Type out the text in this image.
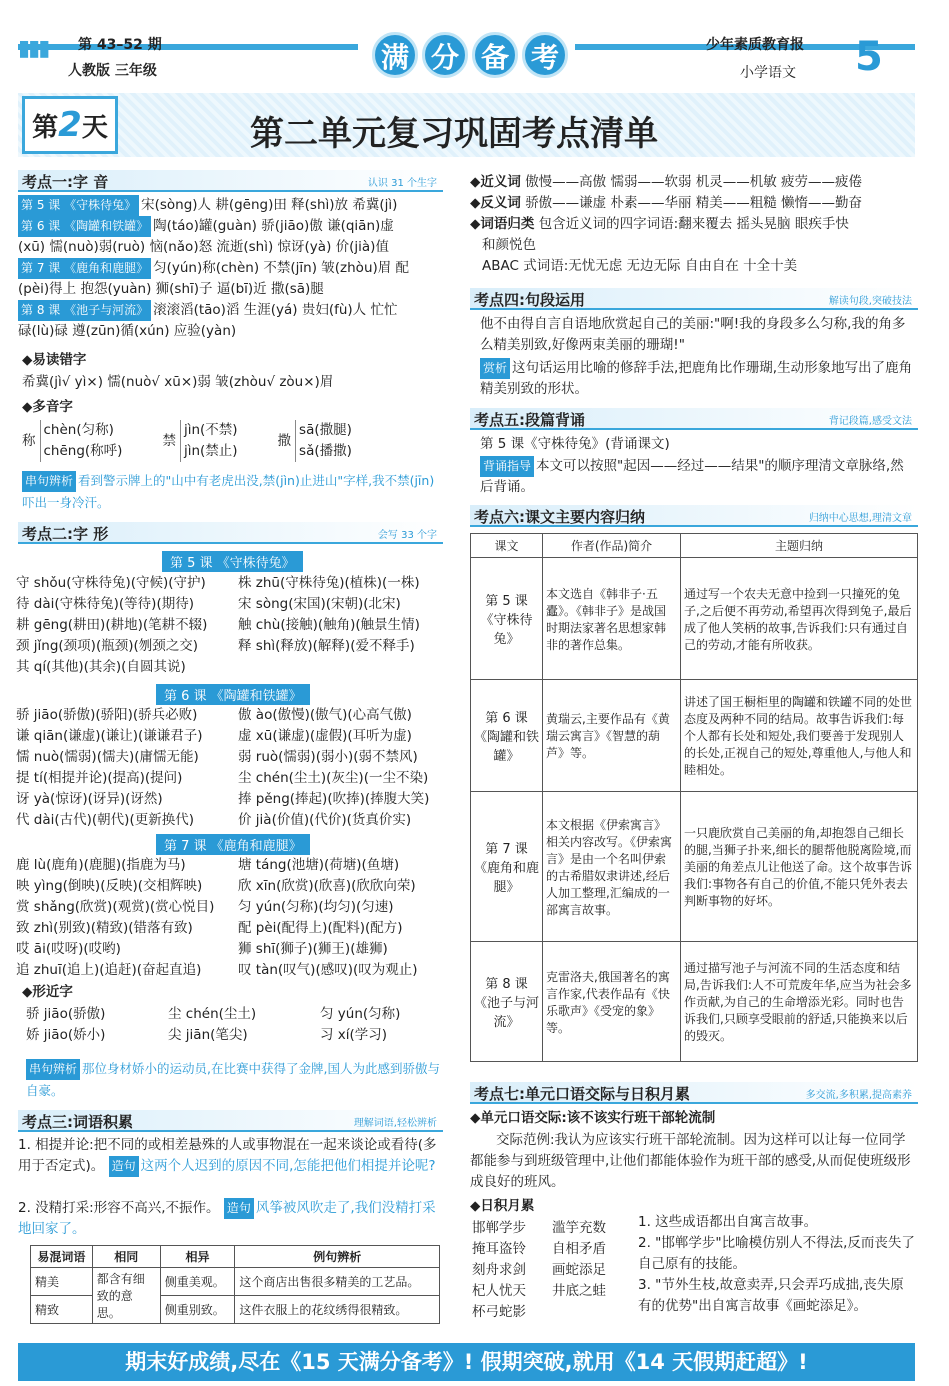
第 43–52 期
人教版 三年级	满 分 备 考	少年素质教育报
小学语文 5
第2天	第二单元复习巩固考点清单
考点一:字 音	认识 31 个生字
第 5 课 《守株待兔》 宋(sòng)人 耕(gēng)田 释(shì)放 希冀(jì)
第 6 课 《陶罐和铁罐》 陶(táo)罐(guàn) 骄(jiāo)傲 谦(qiān)虚
(xū) 懦(nuò)弱(ruò) 恼(nǎo)怒 流逝(shì) 惊讶(yà) 价(jià)值
第 7 课 《鹿角和鹿腿》 匀(yún)称(chèn) 不禁(jīn) 皱(zhòu)眉 配
(pèi)得上 抱怨(yuàn) 狮(shī)子 逼(bī)近 撒(sā)腿
第 8 课 《池子与河流》 滚滚滔(tāo)滔 生涯(yá) 贵妇(fù)人 忙忙
碌(lù)碌 遵(zūn)循(xún) 应验(yàn)
◆易读错字
希冀(jì√ yì×) 懦(nuò√ xū×)弱 皱(zhòu√ zòu×)眉
◆多音字
称
chèn(匀称)
chēng(称呼)
禁
jìn(不禁)
jìn(禁止)
撒
sā(撒腿)
sǎ(播撒)
串句辨析 看到警示牌上的"山中有老虎出没,禁(jìn)止进山"字样,我不禁(jīn)吓出一身冷汗。
考点二:字 形	会写 33 个字
第 5 课 《守株待兔》
守 shǒu(守株待兔)(守候)(守护)
待 dài(守株待兔)(等待)(期待)
耕 gēng(耕田)(耕地)(笔耕不辍)
颈 jǐng(颈项)(瓶颈)(刎颈之交)
其 qí(其他)(其余)(自圆其说)
株 zhū(守株待兔)(植株)(一株)
宋 sòng(宋国)(宋朝)(北宋)
触 chù(接触)(触角)(触景生情)
释 shì(释放)(解释)(爱不释手)
第 6 课 《陶罐和铁罐》
骄 jiāo(骄傲)(骄阳)(骄兵必败)
谦 qiān(谦虚)(谦让)(谦谦君子)
懦 nuò(懦弱)(懦夫)(庸懦无能)
提 tí(相提并论)(提高)(提问)
讶 yà(惊讶)(讶异)(讶然)
代 dài(古代)(朝代)(更新换代)
傲 ào(傲慢)(傲气)(心高气傲)
虚 xū(谦虚)(虚假)(耳听为虚)
弱 ruò(懦弱)(弱小)(弱不禁风)
尘 chén(尘土)(灰尘)(一尘不染)
捧 pěng(捧起)(吹捧)(捧腹大笑)
价 jià(价值)(代价)(货真价实)
第 7 课 《鹿角和鹿腿》
鹿 lù(鹿角)(鹿腿)(指鹿为马)
映 yìng(倒映)(反映)(交相辉映)
赏 shǎng(欣赏)(观赏)(赏心悦目)
致 zhì(别致)(精致)(错落有致)
哎 āi(哎呀)(哎哟)
追 zhuī(追上)(追赶)(奋起直追)
塘 táng(池塘)(荷塘)(鱼塘)
欣 xīn(欣赏)(欣喜)(欣欣向荣)
匀 yún(匀称)(均匀)(匀速)
配 pèi(配得上)(配料)(配方)
狮 shī(狮子)(狮王)(雄狮)
叹 tàn(叹气)(感叹)(叹为观止)
◆形近字
骄 jiāo(骄傲)
娇 jiāo(娇小)
尘 chén(尘土)
尖 jiān(笔尖)
匀 yún(匀称)
习 xí(学习)
串句辨析 那位身材娇小的运动员,在比赛中获得了金牌,国人为此感到骄傲与自豪。
考点三:词语积累	理解词语,轻松辨析
1. 相提并论:把不同的或相差悬殊的人或事物混在一起来谈论或看待(多用于否定式)。 造句 这两个人迟到的原因不同,怎能把他们相提并论呢?
2. 没精打采:形容不高兴,不振作。 造句 风筝被风吹走了,我们没精打采地回家了。
易混词语	相同	相异	例句辨析
精美	都含有细致的意思。	侧重美观。	这个商店出售很多精美的工艺品。
精致		侧重别致。	这件衣服上的花纹绣得很精致。
◆近义词 傲慢——高傲 懦弱——软弱 机灵——机敏 疲劳——疲倦
◆反义词 骄傲——谦虚 朴素——华丽 精美——粗糙 懒惰——勤奋
◆词语归类 包含近义词的四字词语:翻来覆去 摇头晃脑 眼疾手快
和颜悦色
ABAC 式词语:无忧无虑 无边无际 自由自在 十全十美
考点四:句段运用	解读句段,突破技法
他不由得自言自语地欣赏起自己的美丽:"啊!我的身段多么匀称,我的角多么精美别致,好像两束美丽的珊瑚!"
赏析 这句话运用比喻的修辞手法,把鹿角比作珊瑚,生动形象地写出了鹿角精美别致的形状。
考点五:段篇背诵	背记段篇,感受文法
第 5 课《守株待兔》(背诵课文)
背诵指导 本文可以按照"起因——经过——结果"的顺序理清文章脉络,然后背诵。
考点六:课文主要内容归纳	归纳中心思想,理清文章
课文	作者(作品)简介	主题归纳
第 5 课《守株待兔》	本文选自《韩非子·五蠹》。《韩非子》是战国时期法家著名思想家韩非的著作总集。	通过写一个农夫无意中捡到一只撞死的兔子,之后便不再劳动,希望再次得到兔子,最后成了他人笑柄的故事,告诉我们:只有通过自己的劳动,才能有所收获。
第 6 课《陶罐和铁罐》	黄瑞云,主要作品有《黄瑞云寓言》《智慧的葫芦》等。	讲述了国王橱柜里的陶罐和铁罐不同的处世态度及两种不同的结局。故事告诉我们:每个人都有长处和短处,我们要善于发现别人的长处,正视自己的短处,尊重他人,与他人和睦相处。
第 7 课《鹿角和鹿腿》	本文根据《伊索寓言》相关内容改写。《伊索寓言》是由一个名叫伊索的古希腊奴隶讲述,经后人加工整理,汇编成的一部寓言故事。	一只鹿欣赏自己美丽的角,却抱怨自己细长的腿,当狮子扑来,细长的腿帮他脱离险境,而美丽的角差点儿让他送了命。这个故事告诉我们:事物各有自己的价值,不能只凭外表去判断事物的好坏。
第 8 课《池子与河流》	克雷洛夫,俄国著名的寓言作家,代表作品有《快乐歌声》《受宠的象》等。	通过描写池子与河流不同的生活态度和结局,告诉我们:人不可荒废年华,应当为社会多作贡献,为自己的生命增添光彩。同时也告诉我们,只顾享受眼前的舒适,只能换来以后的毁灭。
考点七:单元口语交际与日积月累	多交流,多积累,提高素养
◆单元口语交际:该不该实行班干部轮流制
交际范例:我认为应该实行班干部轮流制。因为这样可以让每一位同学都能参与到班级管理中,让他们都能体验作为班干部的感受,从而促使班级形成良好的班风。
◆日积月累
邯郸学步
掩耳盗铃
刻舟求剑
杞人忧天
杯弓蛇影
滥竽充数
自相矛盾
画蛇添足
井底之蛙
1. 这些成语都出自寓言故事。
2. "邯郸学步"比喻模仿别人不得法,反而丧失了自己原有的技能。
3. "节外生枝,故意卖弄,只会弄巧成拙,丧失原有的优势"出自寓言故事《画蛇添足》。
期末好成绩,尽在《15 天满分备考》! 假期突破,就用《14 天假期赶超》!
